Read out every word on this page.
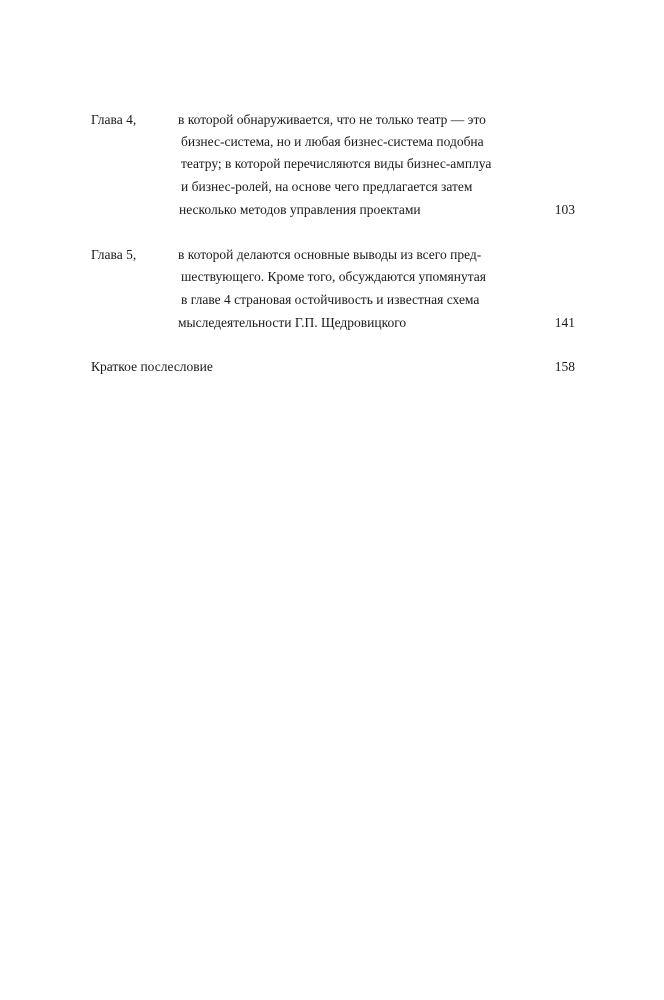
Глава 4,	в которой обнаруживается, что не только театр — это
бизнес-система, но и любая бизнес-система подобна
театру; в которой перечисляются виды бизнес-амплуа
и бизнес-ролей, на основе чего предлагается затем
несколько методов управления проектами	103
Глава 5,	в которой делаются основные выводы из всего пред-
шествующего. Кроме того, обсуждаются упомянутая
в главе 4 страновая остойчивость и известная схема
мыследеятельности Г.П. Щедровицкого	141
Краткое послесловие	158
